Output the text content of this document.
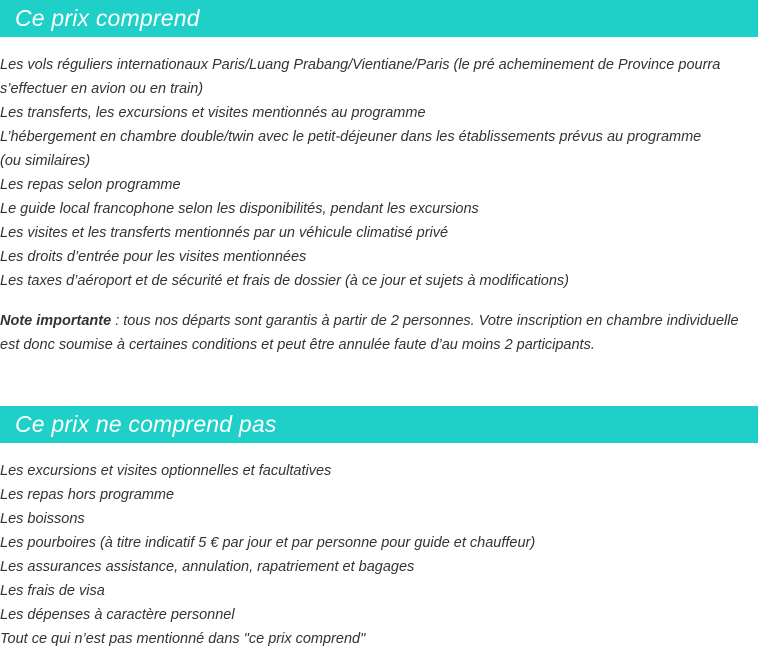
Ce prix comprend
Les vols réguliers internationaux Paris/Luang Prabang/Vientiane/Paris (le pré acheminement de Province pourra s’effectuer en avion ou en train)
Les transferts, les excursions et visites mentionnés au programme
L’hébergement en chambre double/twin avec le petit-déjeuner dans les établissements prévus au programme (ou similaires)
Les repas selon programme
Le guide local francophone selon les disponibilités, pendant les excursions
Les visites et les transferts mentionnés par un véhicule climatisé privé
Les droits d’entrée pour les visites mentionnées
Les taxes d’aéroport et de sécurité et frais de dossier (à ce jour et sujets à modifications)

Note importante : tous nos départs sont garantis à partir de 2 personnes. Votre inscription en chambre individuelle est donc soumise à certaines conditions et peut être annulée faute d’au moins 2 participants.

Ce prix ne comprend pas
Les excursions et visites optionnelles et facultatives
Les repas hors programme
Les boissons
Les pourboires (à titre indicatif 5 € par jour et par personne pour guide et chauffeur)
Les assurances assistance, annulation, rapatriement et bagages
Les frais de visa
Les dépenses à caractère personnel
Tout ce qui n’est pas mentionné dans "ce prix comprend"
